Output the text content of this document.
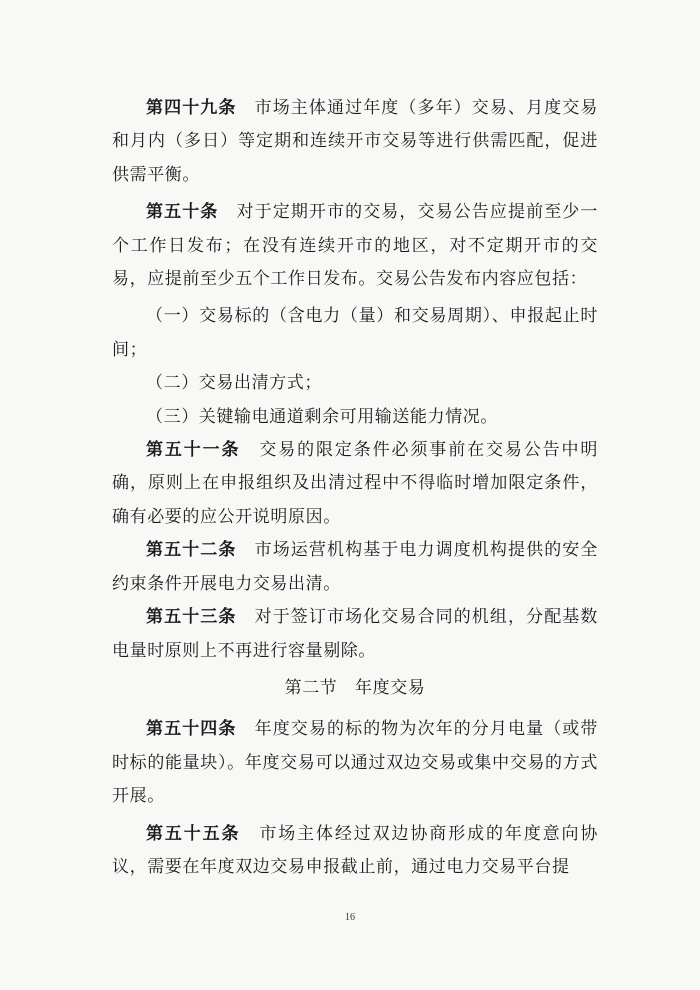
第四十九条　 市场主体通过年度（多年）交易、月度交易和月内（多日）等定期和连续开市交易等进行供需匹配，促进供需平衡。

第五十条　 对于定期开市的交易，交易公告应提前至少一个工作日发布；在没有连续开市的地区，对不定期开市的交易，应提前至少五个工作日发布。交易公告发布内容应包括：

（一）交易标的（含电力（量）和交易周期）、申报起止时间；

（二）交易出清方式；

（三）关键输电通道剩余可用输送能力情况。

第五十一条　 交易的限定条件必须事前在交易公告中明确，原则上在申报组织及出清过程中不得临时增加限定条件，确有必要的应公开说明原因。

第五十二条　 市场运营机构基于电力调度机构提供的安全约束条件开展电力交易出清。

第五十三条　 对于签订市场化交易合同的机组，分配基数电量时原则上不再进行容量剔除。

第二节　年度交易

第五十四条　 年度交易的标的物为次年的分月电量（或带时标的能量块）。年度交易可以通过双边交易或集中交易的方式开展。

第五十五条　 市场主体经过双边协商形成的年度意向协议，需要在年度双边交易申报截止前，通过电力交易平台提

16
